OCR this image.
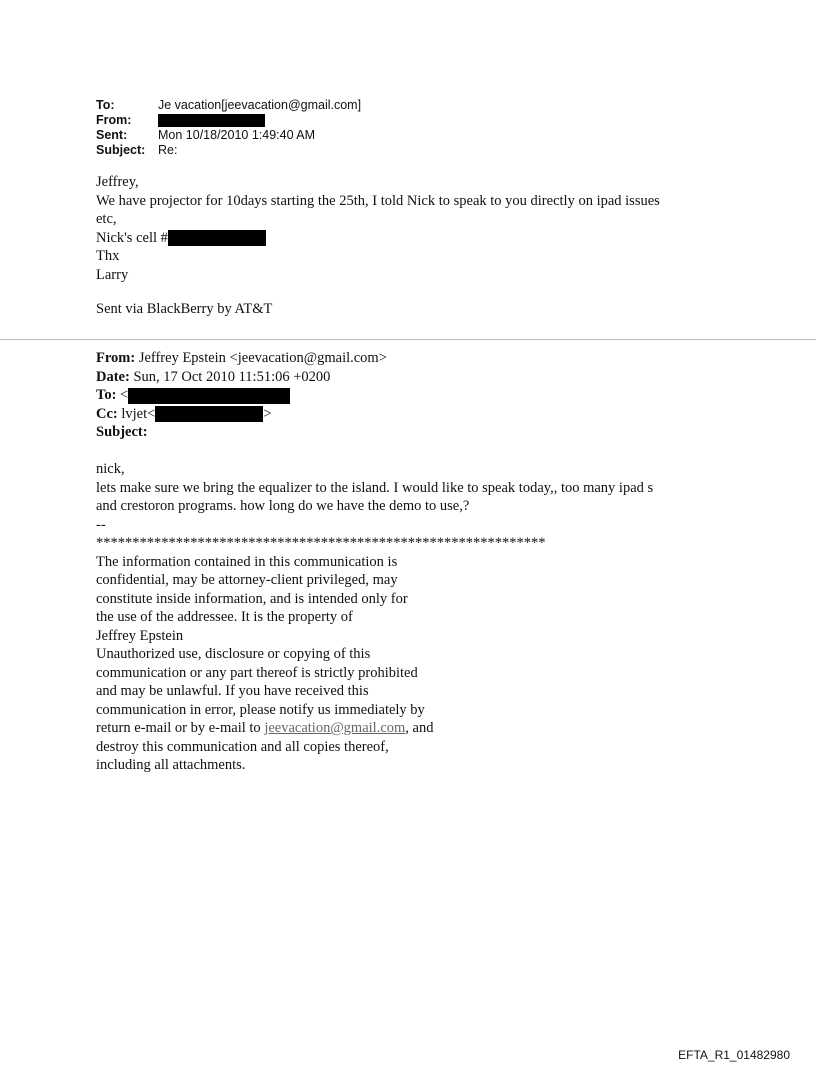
To:	Je vacation[jeevacation@gmail.com]
From:
Sent: Mon 10/18/2010 1:49:40 AM
Subject: Re:

Jeffrey,

We have projector for 10days starting the 25th, I told Nick to speak to you directly on ipad issues

etc,

Nick's cell #

Thx

Larry

Sent via BlackBerry by AT&T

From: Jeffrey Epstein <jeevacation@gmail.com>

Date: Sun, 17 Oct 2010 11:51:06 +0200

To: <

Cc: lvjet<	>

Subject:

nick,

lets make sure we bring the equalizer to the island. I would like to speak today,, too many ipad s

and crestoron programs. how long do we have the demo to use,?

--

**************************************************************

The information contained in this communication is

confidential, may be attorney-client privileged, may

constitute inside information, and is intended only for

the use of the addressee. It is the property of

Jeffrey Epstein

Unauthorized use, disclosure or copying of this

communication or any part thereof is strictly prohibited

and may be unlawful. If you have received this

communication in error, please notify us immediately by

return e-mail or by e-mail to jeevacation@gmail.com, and

destroy this communication and all copies thereof,

including all attachments.

EFTA_R1_01482980
